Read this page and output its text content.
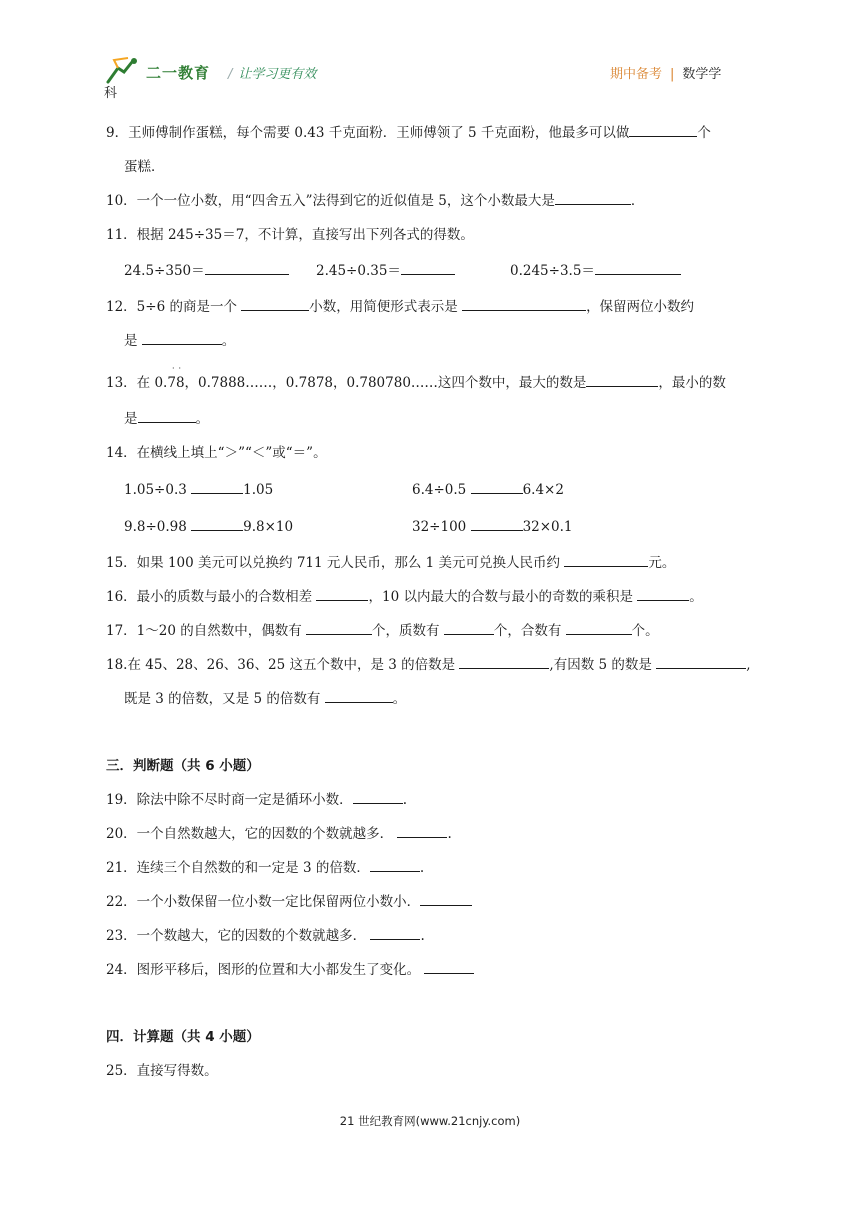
二一教育
科
/ 让学习更有效	期中备考 | 数学学
9．王师傅制作蛋糕，每个需要 0.43 千克面粉．王师傅领了 5 千克面粉，他最多可以做	个
蛋糕．
10．一个一位小数，用“四舍五入”法得到它的近似值是 5，这个小数最大是	．
11．根据 245÷35＝7，不计算，直接写出下列各式的得数。
24.5÷350＝	2.45÷0.35＝	0.245÷3.5＝
12．5÷6 的商是一个	小数，用简便形式表示是	，保留两位小数约
是	。
··
13．在 0.78，0.7888……，0.7878，0.780780……这四个数中，最大的数是	，最小的数
是	。
14．在横线上填上“＞”“＜”或“＝”。
1.05÷0.3	1.05	6.4÷0.5	6.4×2
9.8÷0.98	9.8×10	32÷100	32×0.1
15．如果 100 美元可以兑换约 711 元人民币，那么 1 美元可兑换人民币约	元。
16．最小的质数与最小的合数相差	，10 以内最大的合数与最小的奇数的乘积是	。
17．1～20 的自然数中，偶数有	个，质数有	个，合数有	个。
18.在 45、28、26、36、25 这五个数中，是 3 的倍数是	,有因数 5 的数是	,
既是 3 的倍数，又是 5 的倍数有	。
三．判断题（共 6 小题）
19．除法中除不尽时商一定是循环小数．	.
20．一个自然数越大，它的因数的个数就越多．	.
21．连续三个自然数的和一定是 3 的倍数．	.
22．一个小数保留一位小数一定比保留两位小数小．
23．一个数越大，它的因数的个数就越多．	.
24．图形平移后，图形的位置和大小都发生了变化。
四．计算题（共 4 小题）
25．直接写得数。
21 世纪教育网(www.21cnjy.com)
